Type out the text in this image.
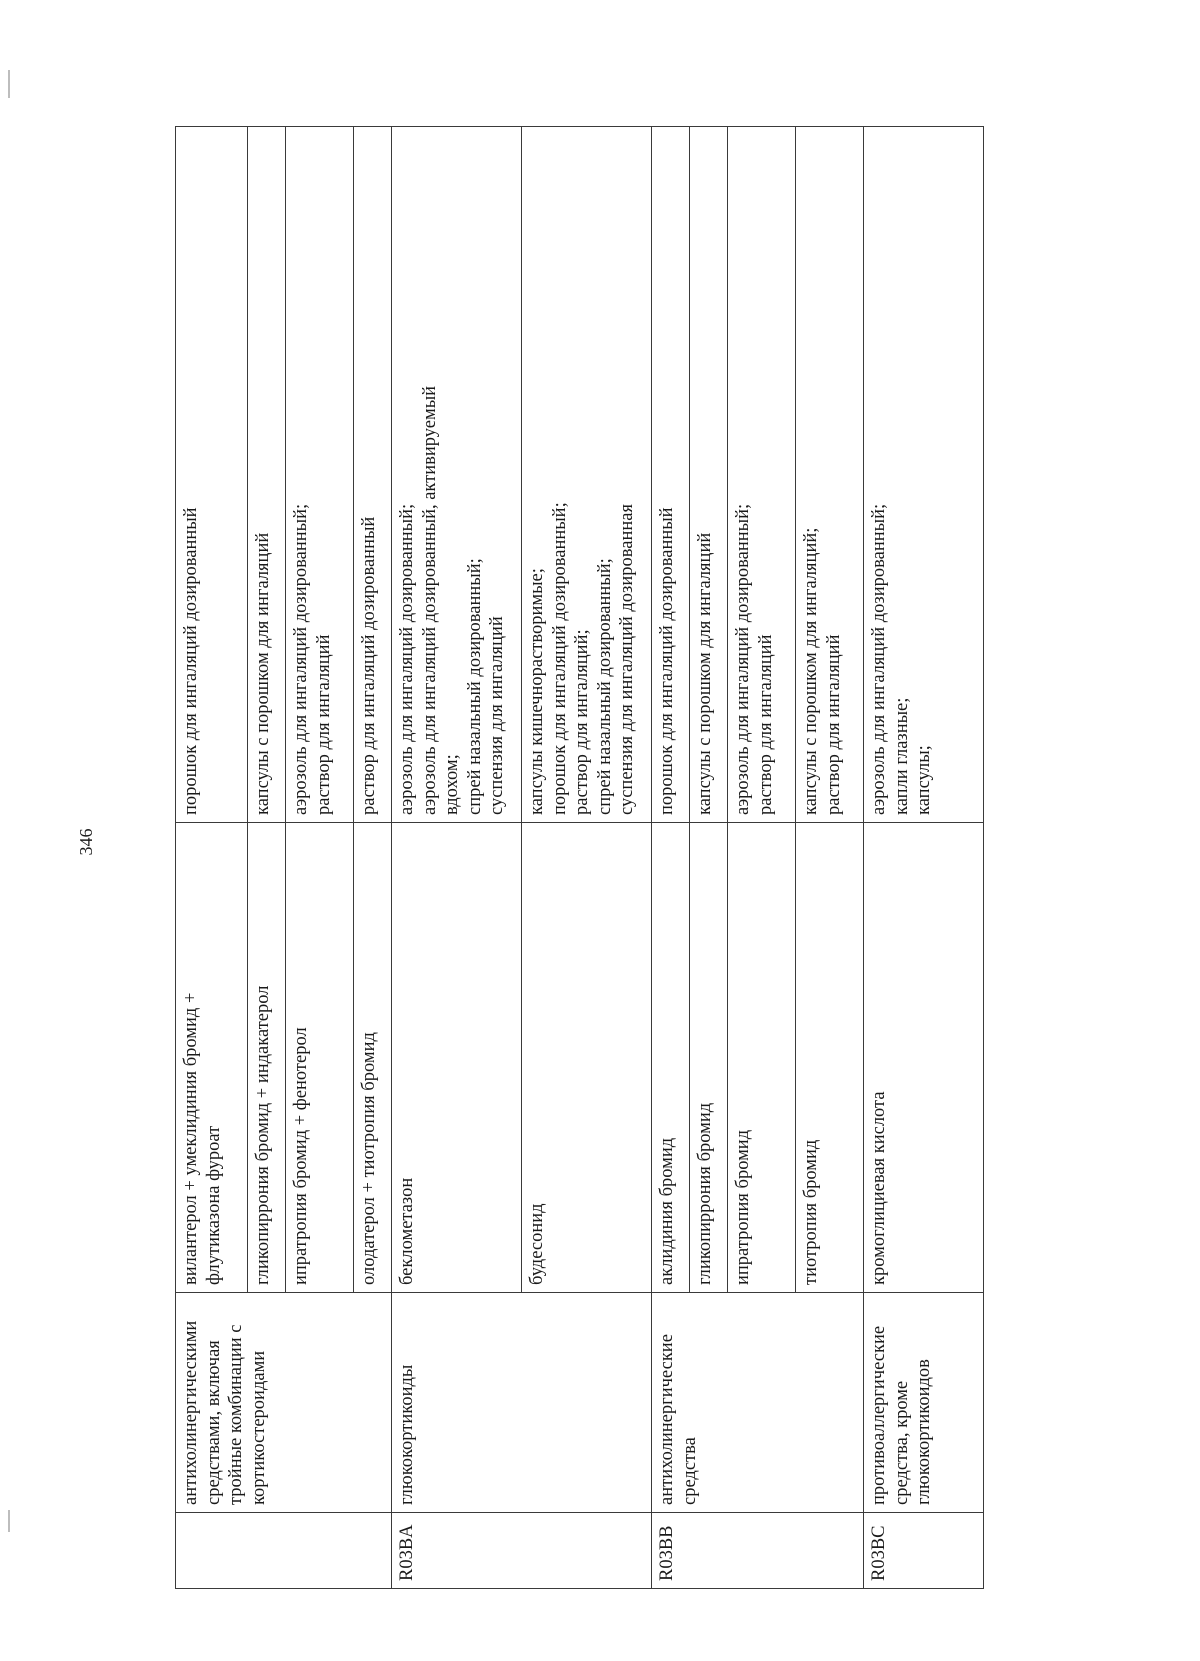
346

	антихолинергическими средствами, включая тройные комбинации с кортикостероидами	вилантерол + умеклидиния бромид + флутиказона фуроат	порошок для ингаляций дозированный

		гликопиррония бромид + индакатерол	капсулы с порошком для ингаляций

		ипратропия бромид + фенотерол	аэрозоль для ингаляций дозированный; раствор для ингаляций

		олодатерол + тиотропия бромид	раствор для ингаляций дозированный

R03BA	глюкокортикоиды	беклометазон	аэрозоль для ингаляций дозированный; аэрозоль для ингаляций дозированный, активируемый вдохом; спрей назальный дозированный; суспензия для ингаляций

		будесонид	капсулы кишечнорастворимые; порошок для ингаляций дозированный; раствор для ингаляций; спрей назальный дозированный; суспензия для ингаляций дозированная

R03BB	антихолинергические средства	аклидиния бромид	порошок для ингаляций дозированный

		гликопиррония бромид	капсулы с порошком для ингаляций

		ипратропия бромид	аэрозоль для ингаляций дозированный; раствор для ингаляций

		тиотропия бромид	капсулы с порошком для ингаляций; раствор для ингаляций

R03BC	противоаллергические средства, кроме глюкокортикоидов	кромоглициевая кислота	аэрозоль для ингаляций дозированный; капли глазные; капсулы;
